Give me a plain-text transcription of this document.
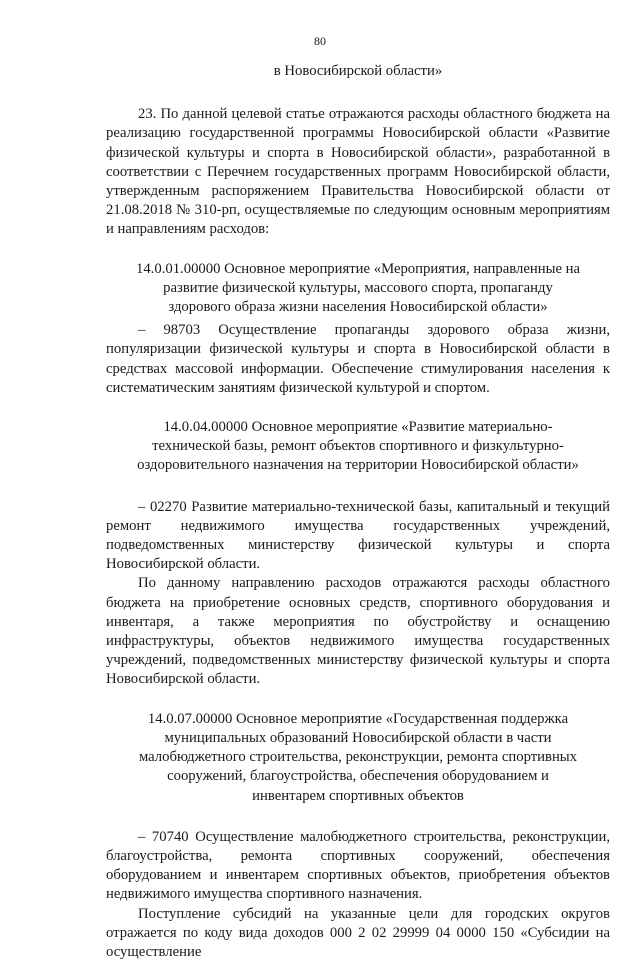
80

в Новосибирской области»

23. По данной целевой статье отражаются расходы областного бюджета на реализацию государственной программы Новосибирской области «Развитие физической культуры и спорта в Новосибирской области», разработанной в соответствии с Перечнем государственных программ Новосибирской области, утвержденным распоряжением Правительства Новосибирской области от 21.08.2018 № 310-рп, осуществляемые по следующим основным мероприятиям и направлениям расходов:

14.0.01.00000 Основное мероприятие «Мероприятия, направленные на развитие физической культуры, массового спорта, пропаганду здорового образа жизни населения Новосибирской области»

– 98703 Осуществление пропаганды здорового образа жизни, популяризации физической культуры и спорта в Новосибирской области в средствах массовой информации. Обеспечение стимулирования населения к систематическим занятиям физической культурой и спортом.

14.0.04.00000 Основное мероприятие «Развитие материально-технической базы, ремонт объектов спортивного и физкультурно-оздоровительного назначения на территории Новосибирской области»

– 02270 Развитие материально-технической базы, капитальный и текущий ремонт недвижимого имущества государственных учреждений, подведомственных министерству физической культуры и спорта Новосибирской области.

По данному направлению расходов отражаются расходы областного бюджета на приобретение основных средств, спортивного оборудования и инвентаря, а также мероприятия по обустройству и оснащению инфраструктуры, объектов недвижимого имущества государственных учреждений, подведомственных министерству физической культуры и спорта Новосибирской области.

14.0.07.00000 Основное мероприятие «Государственная поддержка муниципальных образований Новосибирской области в части малобюджетного строительства, реконструкции, ремонта спортивных сооружений, благоустройства, обеспечения оборудованием и инвентарем спортивных объектов

– 70740 Осуществление малобюджетного строительства, реконструкции, благоустройства, ремонта спортивных сооружений, обеспечения оборудованием и инвентарем спортивных объектов, приобретения объектов недвижимого имущества спортивного назначения.

Поступление субсидий на указанные цели для городских округов отражается по коду вида доходов 000 2 02 29999 04 0000 150 «Субсидии на осуществление
